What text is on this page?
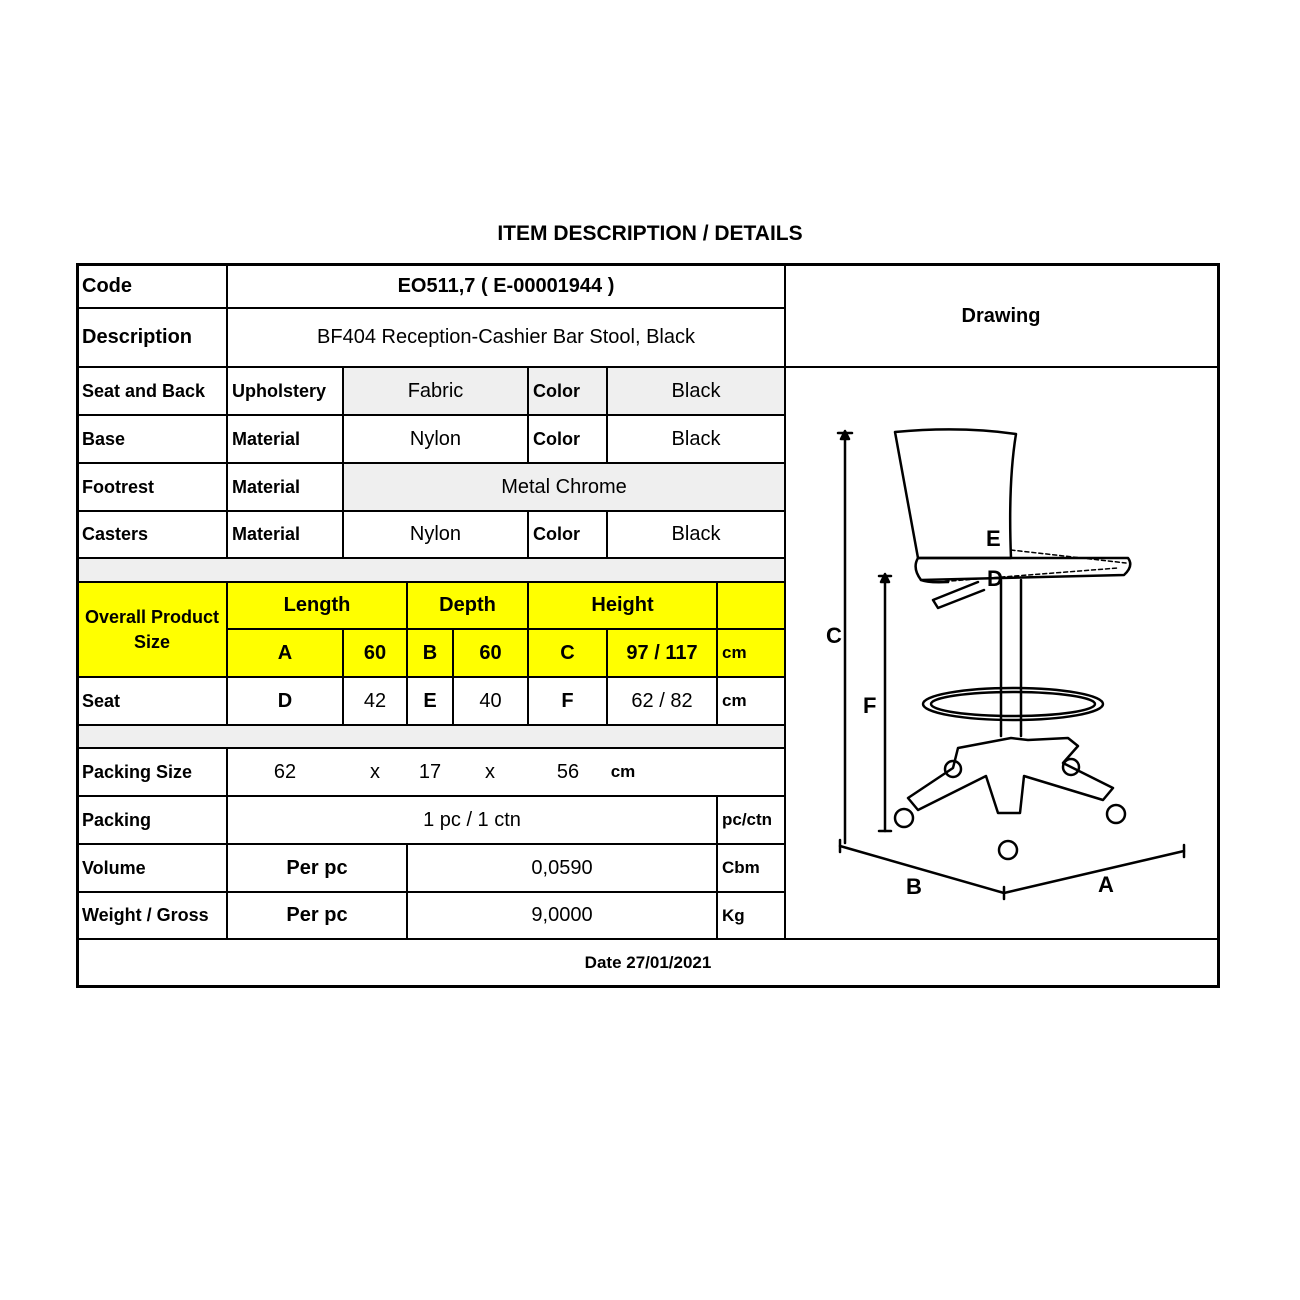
ITEM DESCRIPTION / DETAILS
Code	EO511,7 ( E-00001944 )
Description	BF404 Reception-Cashier Bar Stool, Black
Drawing
Seat and Back	Upholstery	Fabric	Color	Black
Base	Material	Nylon	Color	Black
Footrest	Material	Metal Chrome
Casters	Material	Nylon	Color	Black
Overall Product Size
Length	Depth	Height
A	60	B	60	C	97 / 117	cm
Seat	D	42	E	40	F	62 / 82	cm
Packing Size	62	x	17	x	56	cm
Packing	1 pc / 1 ctn	pc/ctn
Volume	Per pc	0,0590	Cbm
Weight / Gross	Per pc	9,0000	Kg
Date 27/01/2021
C
F
E
D
B	A
